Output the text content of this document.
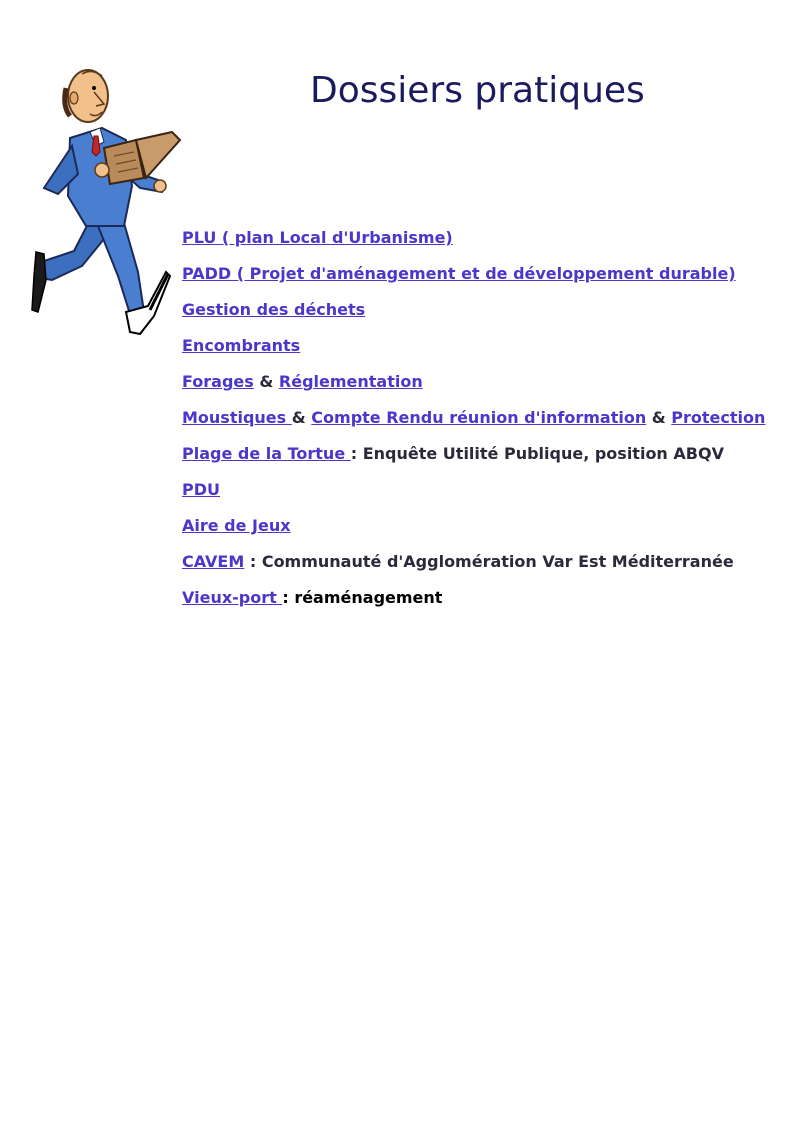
Dossiers pratiques
PLU ( plan Local d'Urbanisme)
PADD ( Projet d'aménagement et de développement durable)
Gestion des déchets
Encombrants
Forages & Réglementation
Moustiques & Compte Rendu réunion d'information & Protection
Plage de la Tortue : Enquête Utilité Publique, position ABQV
PDU
Aire de Jeux
CAVEM : Communauté d'Agglomération Var Est Méditerranée
Vieux-port : réaménagement
